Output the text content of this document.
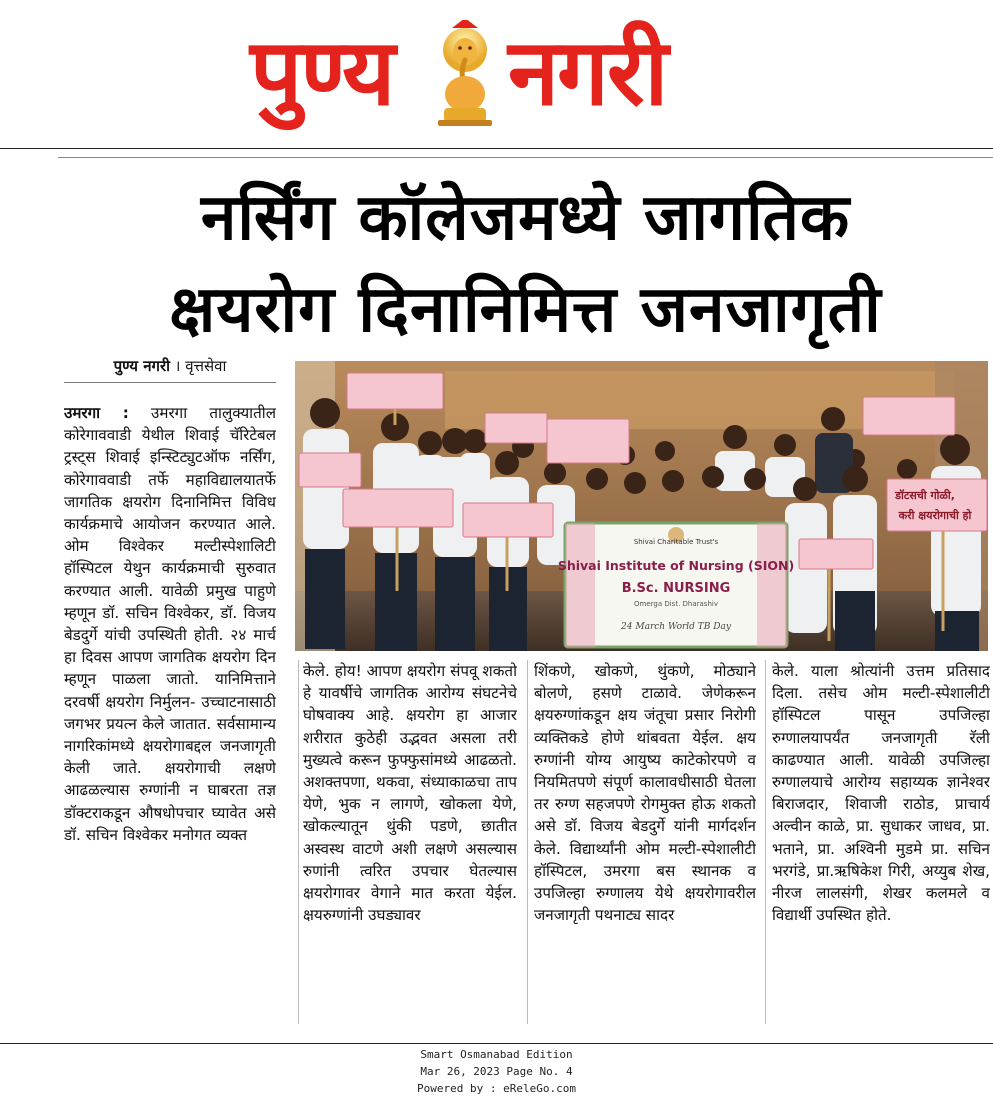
पुण्य नगरी
नर्सिंग कॉलेजमध्ये जागतिक
क्षयरोग दिनानिमित्त जनजागृती
पुण्य नगरी । वृत्तसेवा
डॉटसची गोळी,
करी क्षयरोगाची हो
Shivai Charitable Trust's
Shivai Institute of Nursing (SION)
B.Sc. NURSING
Omerga Dist. Dharashiv
24 March World TB Day

उमरगा : उमरगा तालुक्यातील कोरेगाववाडी येथील शिवाई चॅरिटेबल ट्रस्ट्स शिवाई इन्स्टिट्युटऑफ नर्सिंग, कोरेगाववाडी तर्फे महाविद्यालयातर्फे जागतिक क्षयरोग दिनानिमित्त विविध कार्यक्रमाचे आयोजन करण्यात आले. ओम विश्वेकर मल्टीस्पेशालिटी हॉस्पिटल येथुन कार्यक्रमाची सुरुवात करण्यात आली. यावेळी प्रमुख पाहुणे म्हणून डॉ. सचिन विश्वेकर, डॉ. विजय बेडदुर्गे यांची उपस्थिती होती. २४ मार्च हा दिवस आपण जागतिक क्षयरोग दिन म्हणून पाळला जातो. यानिमित्ताने दरवर्षी क्षयरोग निर्मुलन- उच्चाटनासाठी जगभर प्रयत्न केले जातात. सर्वसामान्य नागरिकांमध्ये क्षयरोगाबद्दल जनजागृती केली जाते. क्षयरोगाची लक्षणे आढळल्यास रुग्णांनी न घाबरता तज्ञ डॉक्टराकडून औषधोपचार घ्यावेत असे डॉ. सचिन विश्वेकर मनोगत व्यक्त

केले. होय! आपण क्षयरोग संपवू शकतो हे यावर्षीचे जागतिक आरोग्य संघटनेचे घोषवाक्य आहे. क्षयरोग हा आजार शरीरात कुठेही उद्भवत असला तरी मुख्यत्वे करून फुफ्फुसांमध्ये आढळतो. अशक्तपणा, थकवा, संध्याकाळचा ताप येणे, भुक न लागणे, खोकला येणे, खोकल्यातून थुंकी पडणे, छातीत अस्वस्थ वाटणे अशी लक्षणे असल्यास रुणांनी त्वरित उपचार घेतल्यास क्षयरोगावर वेगाने मात करता येईल. क्षयरुग्णांनी उघड्यावर

शिंकणे, खोकणे, थुंकणे, मोठ्याने बोलणे, हसणे टाळावे. जेणेकरून क्षयरुग्णांकडून क्षय जंतूचा प्रसार निरोगी व्यक्तिकडे होणे थांबवता येईल. क्षय रुग्णांनी योग्य आयुष्य काटेकोरपणे व नियमितपणे संपूर्ण कालावधीसाठी घेतला तर रुग्ण सहजपणे रोगमुक्त होऊ शकतो असे डॉ. विजय बेडदुर्गे यांनी मार्गदर्शन केले. विद्यार्थ्यांनी ओम मल्टी-स्पेशालीटी हॉस्पिटल, उमरगा बस स्थानक व उपजिल्हा रुग्णालय येथे क्षयरोगावरील जनजागृती पथनाट्य सादर

केले. याला श्रोत्यांनी उत्तम प्रतिसाद दिला. तसेच ओम मल्टी-स्पेशालीटी हॉस्पिटल पासून उपजिल्हा रुग्णालयापर्यंत जनजागृती रॅली काढण्यात आली. यावेळी उपजिल्हा रुग्णालयाचे आरोग्य सहाय्यक ज्ञानेश्वर बिराजदार, शिवाजी राठोड, प्राचार्य अल्वीन काळे, प्रा. सुधाकर जाधव, प्रा. भताने, प्रा. अश्विनी मुडमे प्रा. सचिन भरगंडे, प्रा.ऋषिकेश गिरी, अय्युब शेख, नीरज लालसंगी, शेखर कलमले व विद्यार्थी उपस्थित होते.

Smart Osmanabad Edition
Mar 26, 2023 Page No. 4
Powered by : eReleGo.com
